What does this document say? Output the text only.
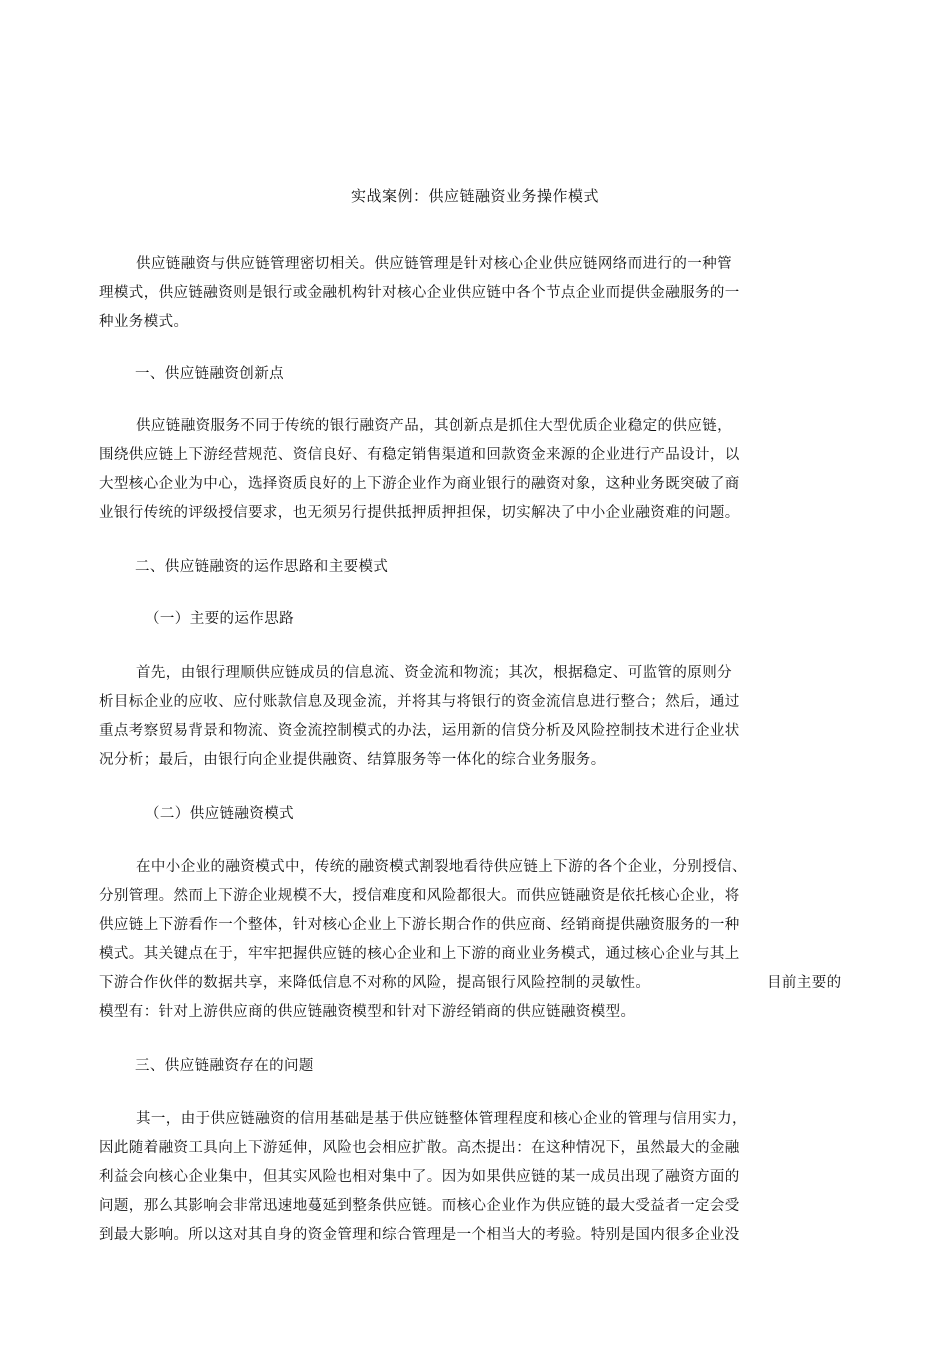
实战案例：供应链融资业务操作模式
供应链融资与供应链管理密切相关。供应链管理是针对核心企业供应链网络而进行的一种管
理模式，供应链融资则是银行或金融机构针对核心企业供应链中各个节点企业而提供金融服务的一
种业务模式。
一、供应链融资创新点
供应链融资服务不同于传统的银行融资产品，其创新点是抓住大型优质企业稳定的供应链，
围绕供应链上下游经营规范、资信良好、有稳定销售渠道和回款资金来源的企业进行产品设计，以
大型核心企业为中心，选择资质良好的上下游企业作为商业银行的融资对象，这种业务既突破了商
业银行传统的评级授信要求，也无须另行提供抵押质押担保，切实解决了中小企业融资难的问题。
二、供应链融资的运作思路和主要模式
（一）主要的运作思路
首先，由银行理顺供应链成员的信息流、资金流和物流；其次，根据稳定、可监管的原则分
析目标企业的应收、应付账款信息及现金流，并将其与将银行的资金流信息进行整合；然后，通过
重点考察贸易背景和物流、资金流控制模式的办法，运用新的信贷分析及风险控制技术进行企业状
况分析；最后，由银行向企业提供融资、结算服务等一体化的综合业务服务。
（二）供应链融资模式
在中小企业的融资模式中，传统的融资模式割裂地看待供应链上下游的各个企业，分别授信、
分别管理。然而上下游企业规模不大，授信难度和风险都很大。而供应链融资是依托核心企业，将
供应链上下游看作一个整体，针对核心企业上下游长期合作的供应商、经销商提供融资服务的一种
模式。其关键点在于，牢牢把握供应链的核心企业和上下游的商业业务模式，通过核心企业与其上
下游合作伙伴的数据共享，来降低信息不对称的风险，提高银行风险控制的灵敏性。
模型有：针对上游供应商的供应链融资模型和针对下游经销商的供应链融资模型。
目前主要的
三、供应链融资存在的问题
其一，由于供应链融资的信用基础是基于供应链整体管理程度和核心企业的管理与信用实力，
因此随着融资工具向上下游延伸，风险也会相应扩散。高杰提出：在这种情况下，虽然最大的金融
利益会向核心企业集中，但其实风险也相对集中了。因为如果供应链的某一成员出现了融资方面的
问题，那么其影响会非常迅速地蔓延到整条供应链。而核心企业作为供应链的最大受益者一定会受
到最大影响。所以这对其自身的资金管理和综合管理是一个相当大的考验。特别是国内很多企业没
